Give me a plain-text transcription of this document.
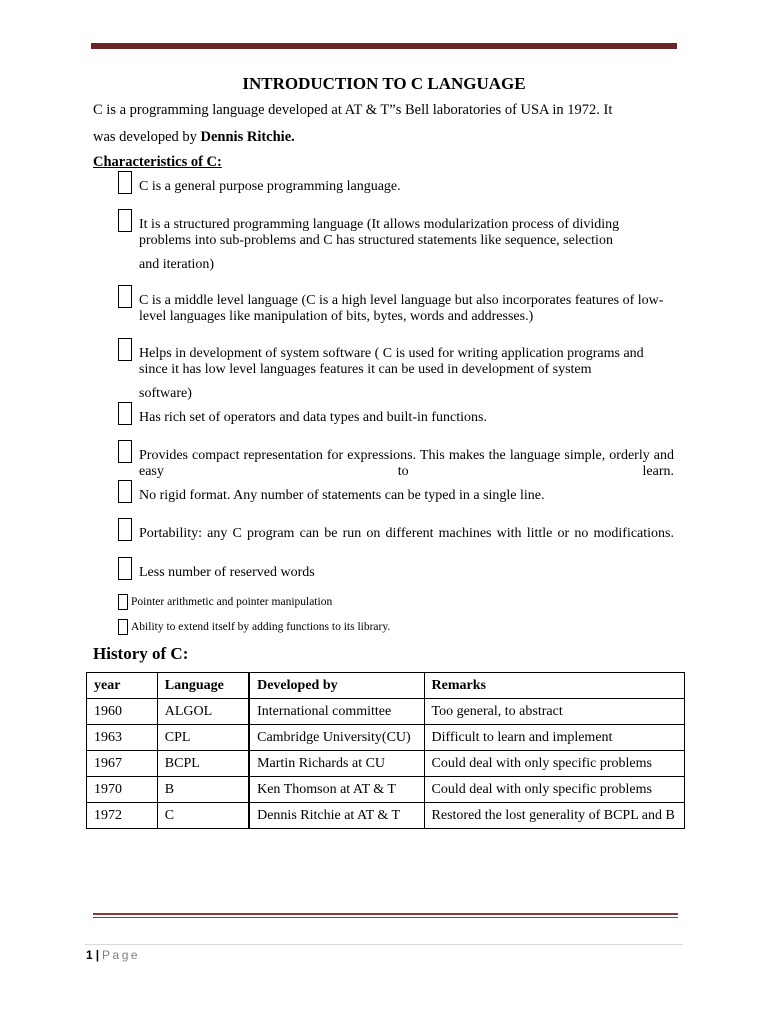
INTRODUCTION TO C LANGUAGE
C is a programming language developed at AT & T”s Bell laboratories of USA in 1972. It
was developed by Dennis Ritchie.
Characteristics of C:
C is a general purpose programming language.
It is a structured programming language (It allows modularization process of dividing problems into sub-problems and C has structured statements like sequence, selection
and iteration)
C is a middle level language (C is a high level language but also incorporates features of low-level languages like manipulation of bits, bytes, words and addresses.)
Helps in development of system software ( C is used for writing application programs and since it has low level languages features it can be used in development of system
software)
Has rich set of operators and data types and built-in functions.
Provides compact representation for expressions. This makes the language simple, orderly and easy to learn.
No rigid format. Any number of statements can be typed in a single line.
Portability: any C program can be run on different machines with little or no modifications.
Less number of reserved words
Pointer arithmetic and pointer manipulation
Ability to extend itself by adding functions to its library.
History of C:
year	Language	Developed by	Remarks
1960	ALGOL	International committee	Too general, to abstract
1963	CPL	Cambridge University(CU)	Difficult to learn and implement
1967	BCPL	Martin Richards at CU	Could deal with only specific problems
1970	B	Ken Thomson at AT & T	Could deal with only specific problems
1972	C	Dennis Ritchie at AT & T	Restored the lost generality of BCPL and B
1 | Page
